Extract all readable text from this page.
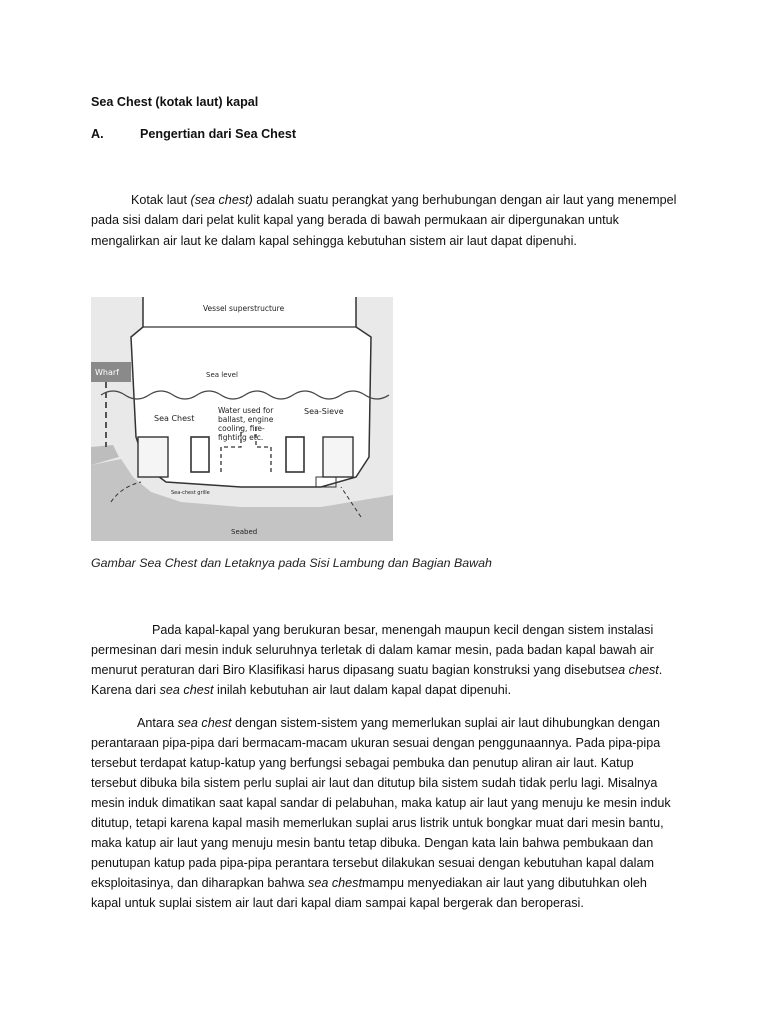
Sea Chest (kotak laut) kapal
A.	Pengertian dari Sea Chest
Kotak laut (sea chest) adalah suatu perangkat yang berhubungan dengan air laut yang menempel
pada sisi dalam dari pelat kulit kapal yang berada di bawah permukaan air dipergunakan untuk
mengalirkan air laut ke dalam kapal sehingga kebutuhan sistem air laut dapat dipenuhi.
Vessel superstructure
Wharf	Sea level
Sea Chest
Water used for
ballast, engine
cooling, fire-
fighting etc.
Sea-Sieve
Sea-chest grille
Seabed
Gambar Sea Chest dan Letaknya pada Sisi Lambung dan Bagian Bawah
Pada kapal-kapal yang berukuran besar, menengah maupun kecil dengan sistem instalasi
permesinan dari mesin induk seluruhnya terletak di dalam kamar mesin, pada badan kapal bawah air
menurut peraturan dari Biro Klasifikasi harus dipasang suatu bagian konstruksi yang disebutsea chest.
Karena dari sea chest inilah kebutuhan air laut dalam kapal dapat dipenuhi.
Antara sea chest dengan sistem-sistem yang memerlukan suplai air laut dihubungkan dengan
perantaraan pipa-pipa dari bermacam-macam ukuran sesuai dengan penggunaannya. Pada pipa-pipa
tersebut terdapat katup-katup yang berfungsi sebagai pembuka dan penutup aliran air laut. Katup
tersebut dibuka bila sistem perlu suplai air laut dan ditutup bila sistem sudah tidak perlu lagi. Misalnya
mesin induk dimatikan saat kapal sandar di pelabuhan, maka katup air laut yang menuju ke mesin induk
ditutup, tetapi karena kapal masih memerlukan suplai arus listrik untuk bongkar muat dari mesin bantu,
maka katup air laut yang menuju mesin bantu tetap dibuka. Dengan kata lain bahwa pembukaan dan
penutupan katup pada pipa-pipa perantara tersebut dilakukan sesuai dengan kebutuhan kapal dalam
eksploitasinya, dan diharapkan bahwa sea chestmampu menyediakan air laut yang dibutuhkan oleh
kapal untuk suplai sistem air laut dari kapal diam sampai kapal bergerak dan beroperasi.
